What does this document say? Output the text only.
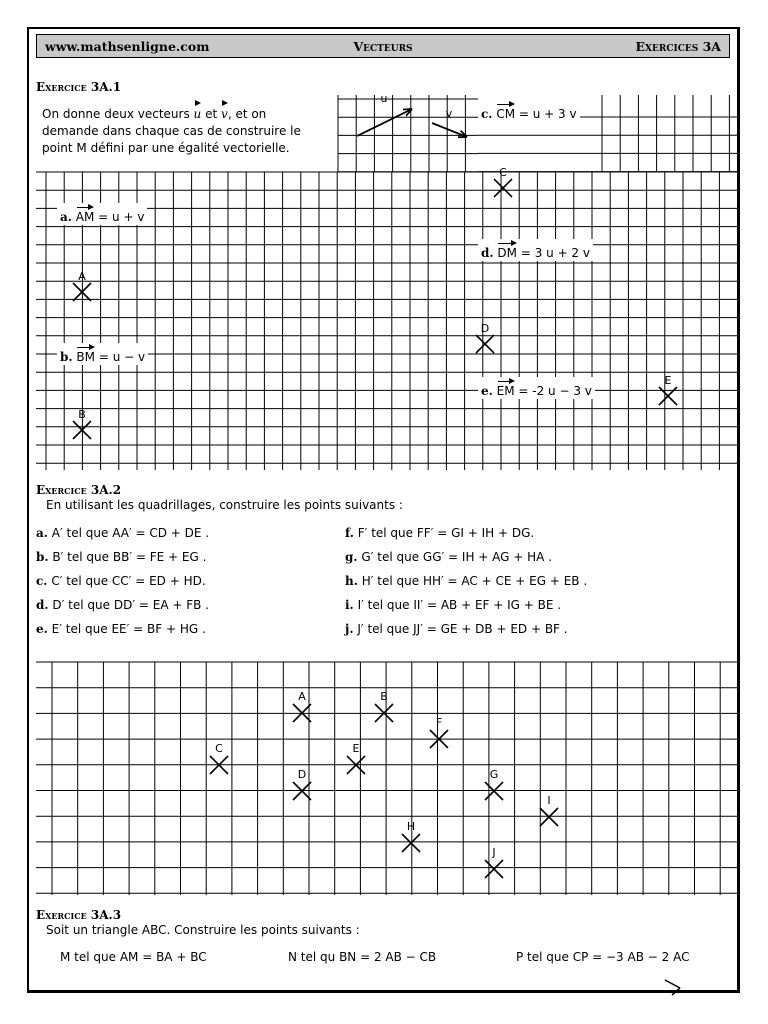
www.mathsenligne.com	Vecteurs	Exercices 3A
u
v
A
B
C
D
E
A	B
C
D
E
F
G
H
I
J
Exercice 3A.1
On donne deux vecteurs u et v, et on
demande dans chaque cas de construire le
point M défini par une égalité vectorielle.
a. AM = u + v
b. BM = u − v
c. CM = u + 3 v
d. DM = 3 u + 2 v
e. EM = -2 u − 3 v
Exercice 3A.2
En utilisant les quadrillages, construire les points suivants :
a. A′ tel que AA′ = CD + DE .
b. B′ tel que BB′ = FE + EG .
c. C′ tel que CC′ = ED + HD.
d. D′ tel que DD′ = EA + FB .
e. E′ tel que EE′ = BF + HG .
f. F′ tel que FF′ = GI + IH + DG.
g. G′ tel que GG′ = IH + AG + HA .
h. H′ tel que HH′ = AC + CE + EG + EB .
i. I′ tel que II′ = AB + EF + IG + BE .
j. J′ tel que JJ′ = GE + DB + ED + BF .
Exercice 3A.3
Soit un triangle ABC. Construire les points suivants :
M tel que AM = BA + BC	N tel qu BN = 2 AB − CB	P tel que CP = −3 AB − 2 AC
